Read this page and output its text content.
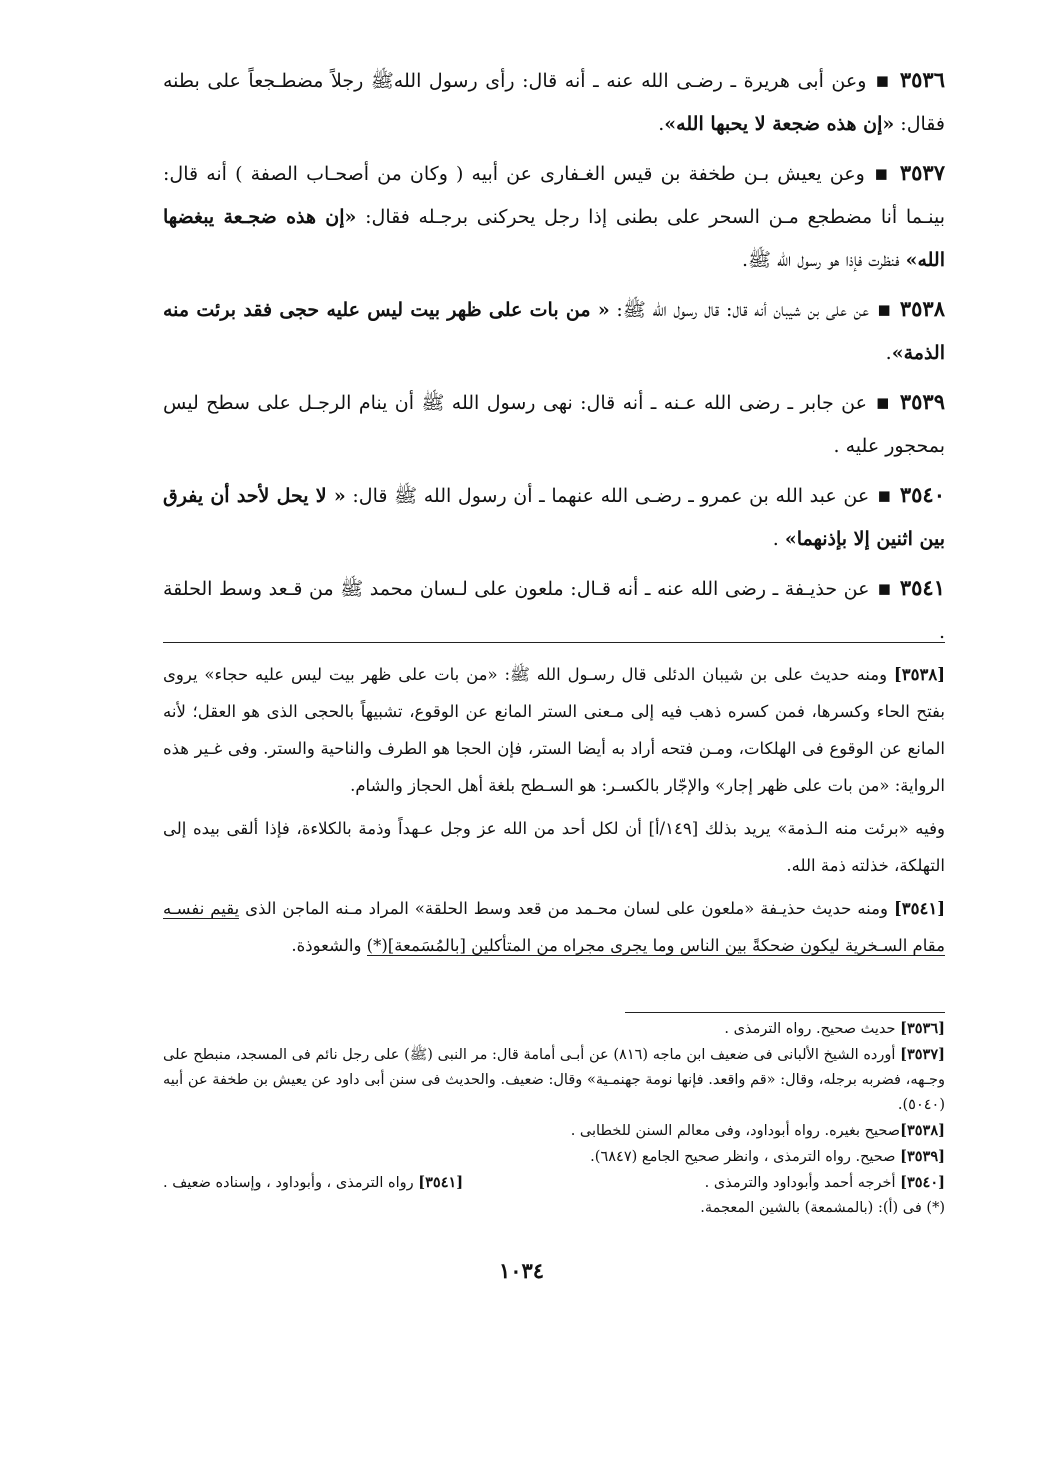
٣٥٣٦ ▪ وعن أبى هريرة ـ رضـى الله عنه ـ أنه قال: رأى رسول اللهﷺ رجلاً مضطـجعاً على بطنه فقال: «إن هذه ضجعة لا يحبها الله».

٣٥٣٧ ▪ وعن يعيش بـن طخفة بن قيس الغـفارى عن أبيه ( وكان من أصحـاب الصفة ) أنه قال: بينـما أنا مضطجع مـن السحر على بطنى إذا رجل يحركنى برجـله فقال: «إن هذه ضجـعة يبغضها الله» فنظرت فإذا هو رسول الله ﷺ.

٣٥٣٨ ▪ عن على بن شيبان أنه قال: قال رسول الله ﷺ: « من بات على ظهر بيت ليس عليه حجى فقد برئت منه الذمة».

٣٥٣٩ ▪ عن جابر ـ رضى الله عـنه ـ أنه قال: نهى رسول الله ﷺ أن ينام الرجـل على سطح ليس بمحجور عليه .

٣٥٤٠ ▪ عن عبد الله بن عمرو ـ رضـى الله عنهما ـ أن رسول الله ﷺ قال: « لا يحل لأحد أن يفرق بين اثنين إلا بإذنهما» .

٣٥٤١ ▪ عن حذيـفة ـ رضى الله عنه ـ أنه قـال: ملعون على لـسان محمد ﷺ من قـعد وسط الحلقة .

[٣٥٣٨] ومنه حديث على بن شيبان الدئلى قال رسـول الله ﷺ: «من بات على ظهر بيت ليس عليه حجاء» يروى بفتح الحاء وكسرها، فمن كسره ذهب فيه إلى مـعنى الستر المانع عن الوقوع، تشبيهاً بالحجى الذى هو العقل؛ لأنه المانع عن الوقوع فى الهلكات، ومـن فتحه أراد به أيضا الستر، فإن الحجا هو الطرف والناحية والستر. وفى غـير هذه الرواية: «من بات على ظهر إجار» والإجّار بالكسـر: هو السـطح بلغة أهل الحجاز والشام.

وفيه «برئت منه الـذمة» يريد بذلك [١٤٩/أ] أن لكل أحد من الله عز وجل عـهداً وذمة بالكلاءة، فإذا ألقى بيده إلى التهلكة، خذلته ذمة الله.

[٣٥٤١] ومنه حديث حذيـفة «ملعون على لسان محـمد من قعد وسط الحلقة» المراد مـنه الماجن الذى يقيم نفسـه مقام السـخرية ليكون ضحكةً بين الناس وما يجرى مجراه من المتأكلين [بالمُسَمعة](*) والشعوذة.

[٣٥٣٦] حديث صحيح. رواه الترمذى .

[٣٥٣٧] أورده الشيخ الألبانى فى ضعيف ابن ماجه (٨١٦) عن أبـى أمامة قال: مر النبى (ﷺ) على رجل نائم فى المسجد، منبطح على وجـهه، فضربه برجله، وقال: «قم واقعد. فإنها نومة جهنمـية» وقال: ضعيف. والحديث فى سنن أبى داود عن يعيش بن طخفة عن أبيه (٥٠٤٠).

[٣٥٣٨]صحيح بغيره. رواه أبوداود، وفى معالم السنن للخطابى .

[٣٥٣٩] صحيح. رواه الترمذى ، وانظر صحيح الجامع (٦٨٤٧).

[٣٥٤٠] أخرجه أحمد وأبوداود والترمذى .
[٣٥٤١] رواه الترمذى ، وأبوداود ، وإسناده ضعيف .

(*) فى (أ): (بالمشمعة) بالشين المعجمة.

١٠٣٤
